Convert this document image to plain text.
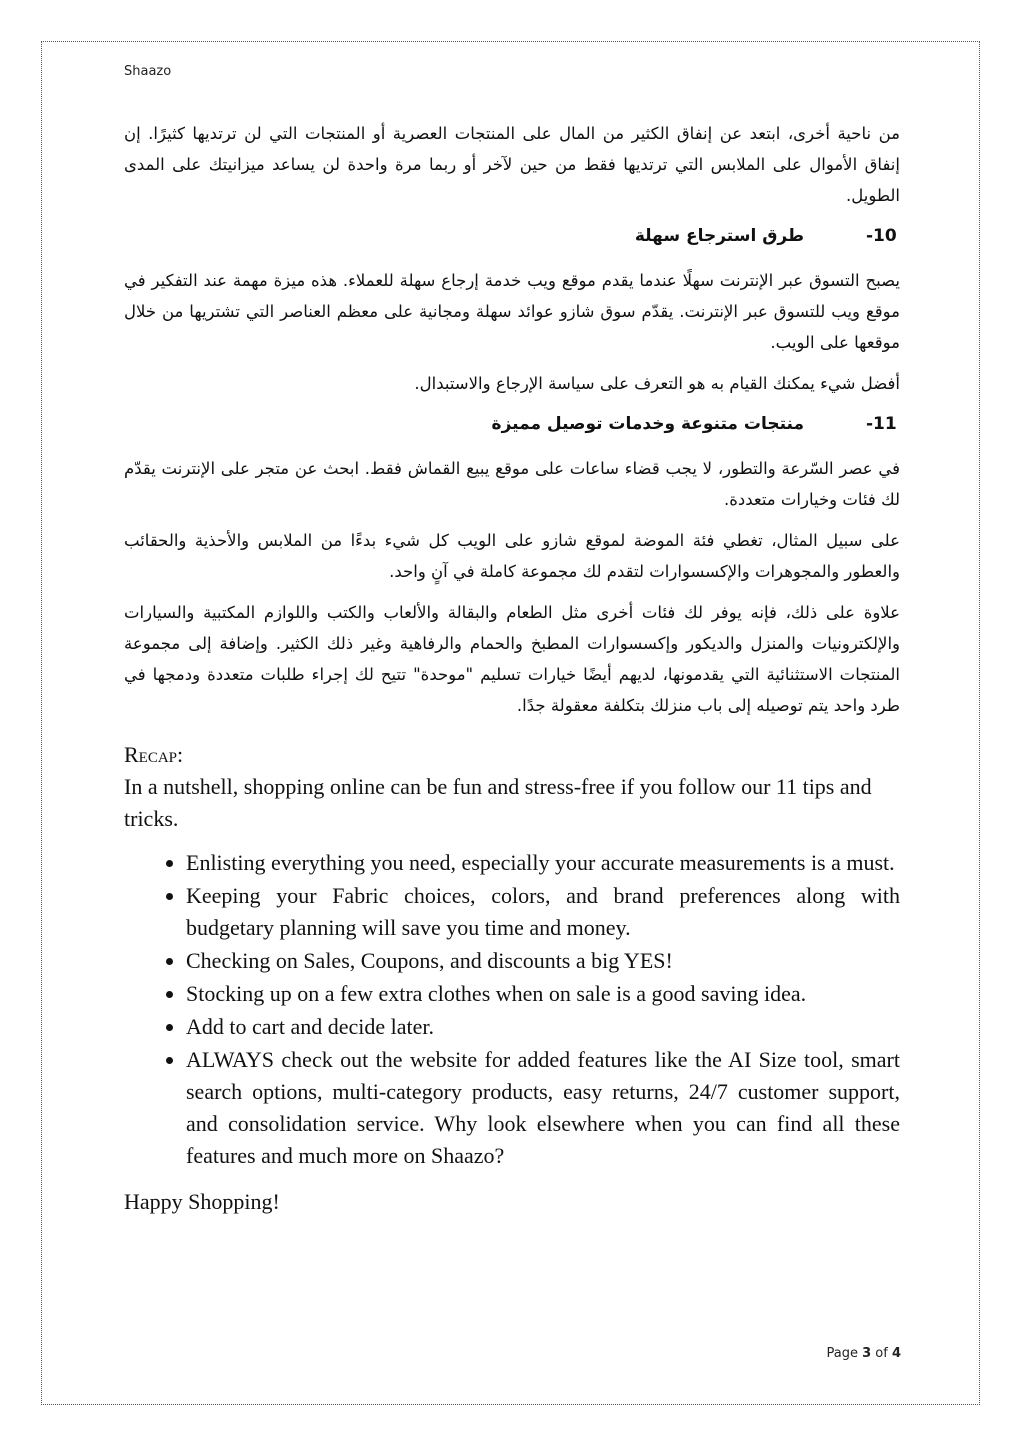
Shaazo

من ناحية أخرى، ابتعد عن إنفاق الكثير من المال على المنتجات العصرية أو المنتجات التي لن ترتديها كثيرًا. إن إنفاق الأموال على الملابس التي ترتديها فقط من حين لآخر أو ربما مرة واحدة لن يساعد ميزانيتك على المدى الطويل.

-10
طرق استرجاع سهلة

يصبح التسوق عبر الإنترنت سهلًا عندما يقدم موقع ويب خدمة إرجاع سهلة للعملاء. هذه ميزة مهمة عند التفكير في موقع ويب للتسوق عبر الإنترنت. يقدّم سوق شازو عوائد سهلة ومجانية على معظم العناصر التي تشتريها من خلال موقعها على الويب.

أفضل شيء يمكنك القيام به هو التعرف على سياسة الإرجاع والاستبدال.

-11
منتجات متنوعة وخدمات توصيل مميزة

في عصر السّرعة والتطور، لا يجب قضاء ساعات على موقع يبيع القماش فقط. ابحث عن متجر على الإنترنت يقدّم لك فئات وخيارات متعددة.

على سبيل المثال، تغطي فئة الموضة لموقع شازو على الويب كل شيء بدءًا من الملابس والأحذية والحقائب والعطور والمجوهرات والإكسسوارات لتقدم لك مجموعة كاملة في آنٍ واحد.

علاوة على ذلك، فإنه يوفر لك فئات أخرى مثل الطعام والبقالة والألعاب والكتب واللوازم المكتبية والسيارات والإلكترونيات والمنزل والديكور وإكسسوارات المطبخ والحمام والرفاهية وغير ذلك الكثير. وإضافة إلى مجموعة المنتجات الاستثنائية التي يقدمونها، لديهم أيضًا خيارات تسليم "موحدة" تتيح لك إجراء طلبات متعددة ودمجها في طرد واحد يتم توصيله إلى باب منزلك بتكلفة معقولة جدًا.

Recap:

In a nutshell, shopping online can be fun and stress-free if you follow our 11 tips and tricks.

• Enlisting everything you need, especially your accurate measurements is a must.
• Keeping your Fabric choices, colors, and brand preferences along with budgetary planning will save you time and money.
• Checking on Sales, Coupons, and discounts a big YES!
• Stocking up on a few extra clothes when on sale is a good saving idea.
• Add to cart and decide later.
• ALWAYS check out the website for added features like the AI Size tool, smart search options, multi-category products, easy returns, 24/7 customer support, and consolidation service. Why look elsewhere when you can find all these features and much more on Shaazo?

Happy Shopping!

Page 3 of 4
